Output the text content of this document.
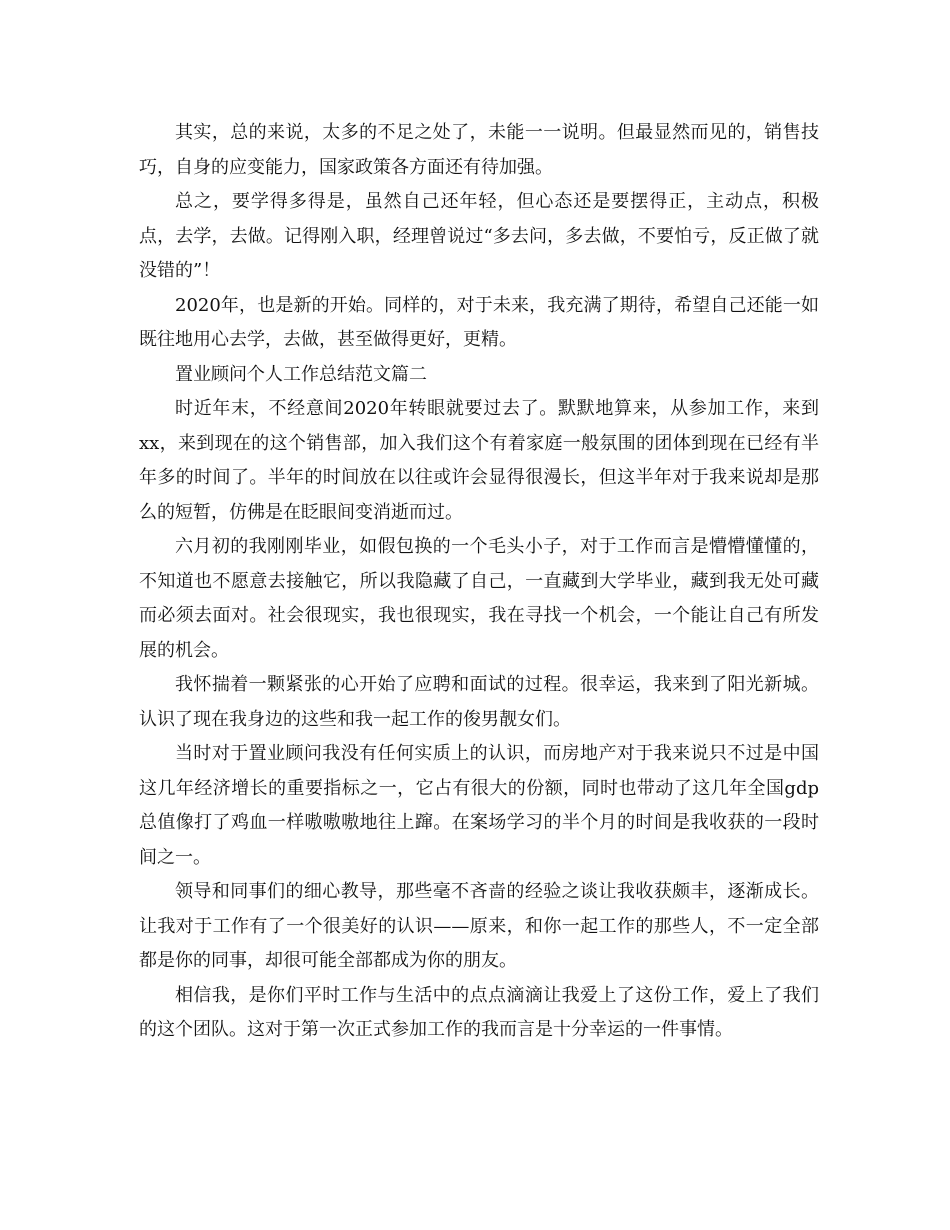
其实，总的来说，太多的不足之处了，未能一一说明。但最显然而见的，销售技巧，自身的应变能力，国家政策各方面还有待加强。

总之，要学得多得是，虽然自己还年轻，但心态还是要摆得正，主动点，积极点，去学，去做。记得刚入职，经理曾说过“多去问，多去做，不要怕亏，反正做了就没错的”！

2020年，也是新的开始。同样的，对于未来，我充满了期待，希望自己还能一如既往地用心去学，去做，甚至做得更好，更精。

置业顾问个人工作总结范文篇二

时近年末，不经意间2020年转眼就要过去了。默默地算来，从参加工作，来到xx，来到现在的这个销售部，加入我们这个有着家庭一般氛围的团体到现在已经有半年多的时间了。半年的时间放在以往或许会显得很漫长，但这半年对于我来说却是那么的短暂，仿佛是在眨眼间变消逝而过。

六月初的我刚刚毕业，如假包换的一个毛头小子，对于工作而言是懵懵懂懂的，不知道也不愿意去接触它，所以我隐藏了自己，一直藏到大学毕业，藏到我无处可藏而必须去面对。社会很现实，我也很现实，我在寻找一个机会，一个能让自己有所发展的机会。

我怀揣着一颗紧张的心开始了应聘和面试的过程。很幸运，我来到了阳光新城。认识了现在我身边的这些和我一起工作的俊男靓女们。

当时对于置业顾问我没有任何实质上的认识，而房地产对于我来说只不过是中国这几年经济增长的重要指标之一，它占有很大的份额，同时也带动了这几年全国gdp总值像打了鸡血一样嗷嗷嗷地往上蹿。在案场学习的半个月的时间是我收获的一段时间之一。

领导和同事们的细心教导，那些毫不吝啬的经验之谈让我收获颇丰，逐渐成长。让我对于工作有了一个很美好的认识——原来，和你一起工作的那些人，不一定全部都是你的同事，却很可能全部都成为你的朋友。

相信我，是你们平时工作与生活中的点点滴滴让我爱上了这份工作，爱上了我们的这个团队。这对于第一次正式参加工作的我而言是十分幸运的一件事情。
